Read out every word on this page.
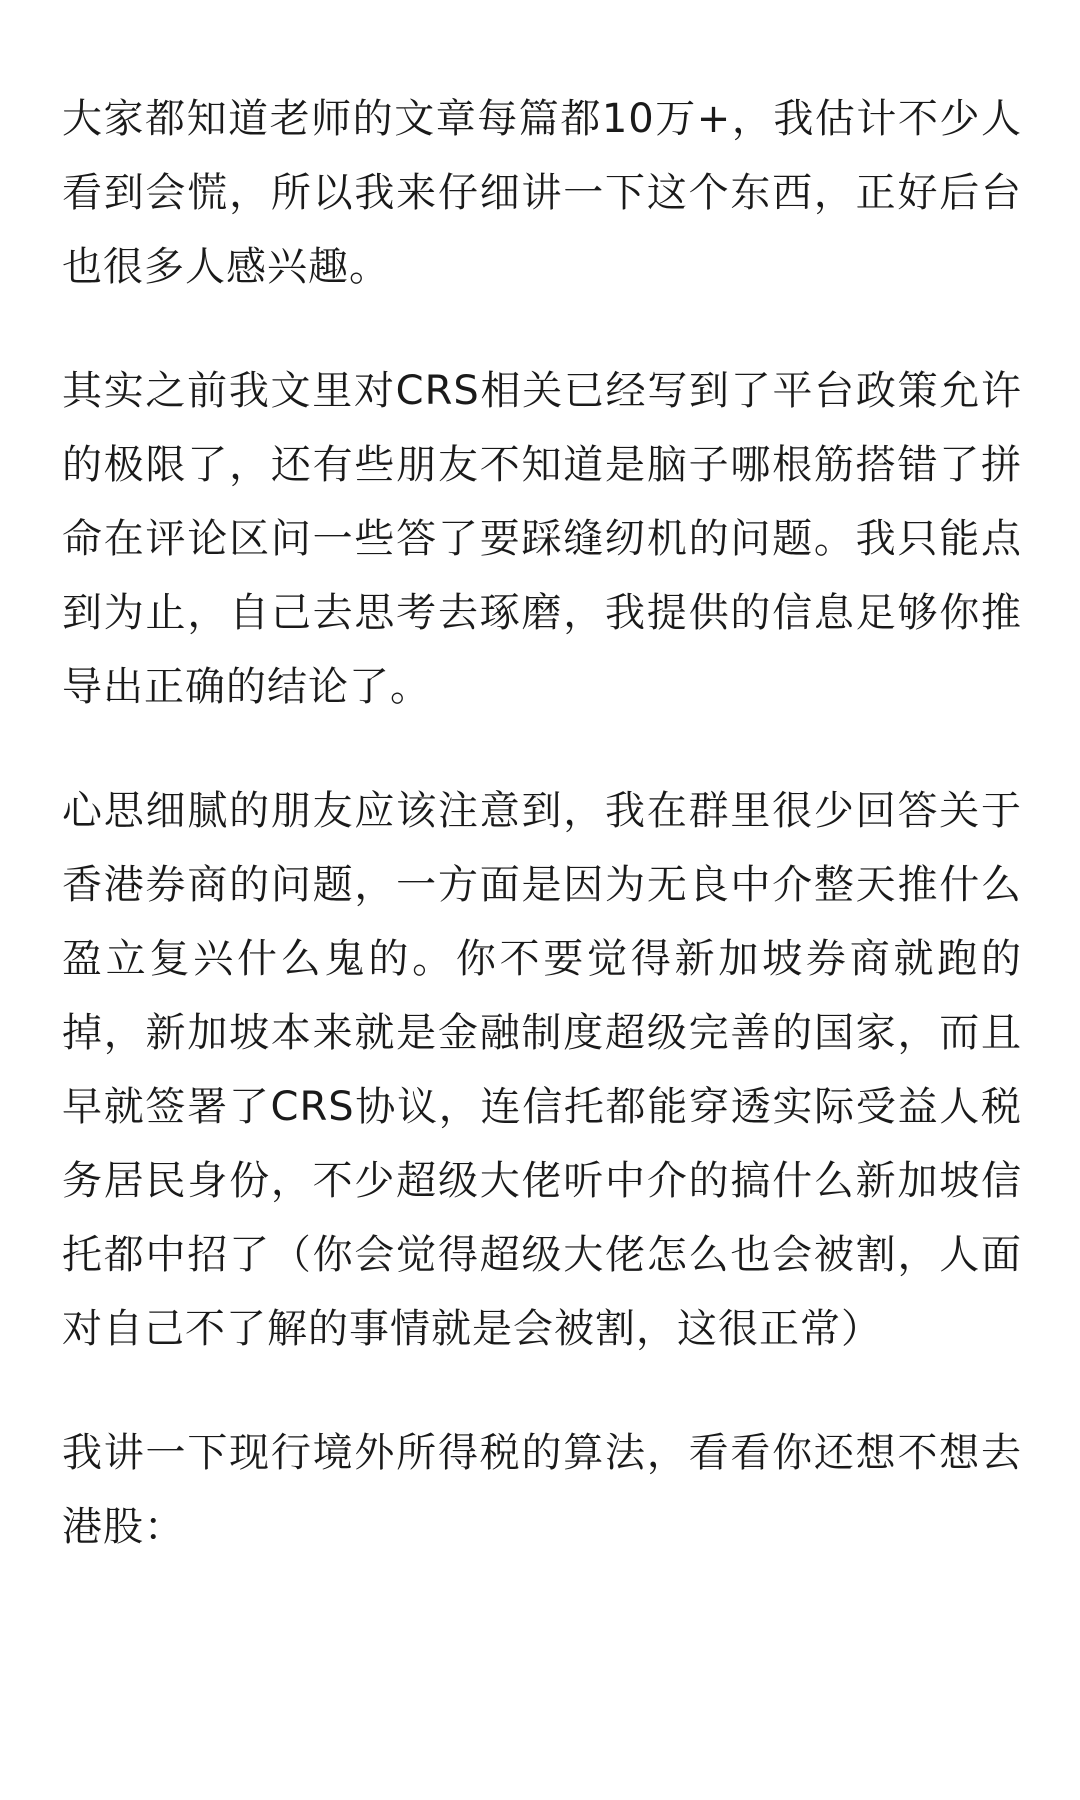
大家都知道老师的文章每篇都10万+，我估计不少人看到会慌，所以我来仔细讲一下这个东西，正好后台也很多人感兴趣。

其实之前我文里对CRS相关已经写到了平台政策允许的极限了，还有些朋友不知道是脑子哪根筋搭错了拼命在评论区问一些答了要踩缝纫机的问题。我只能点到为止，自己去思考去琢磨，我提供的信息足够你推导出正确的结论了。

心思细腻的朋友应该注意到，我在群里很少回答关于香港券商的问题，一方面是因为无良中介整天推什么盈立复兴什么鬼的。你不要觉得新加坡券商就跑的掉，新加坡本来就是金融制度超级完善的国家，而且早就签署了CRS协议，连信托都能穿透实际受益人税务居民身份，不少超级大佬听中介的搞什么新加坡信托都中招了（你会觉得超级大佬怎么也会被割，人面对自己不了解的事情就是会被割，这很正常）

我讲一下现行境外所得税的算法，看看你还想不想去港股：
